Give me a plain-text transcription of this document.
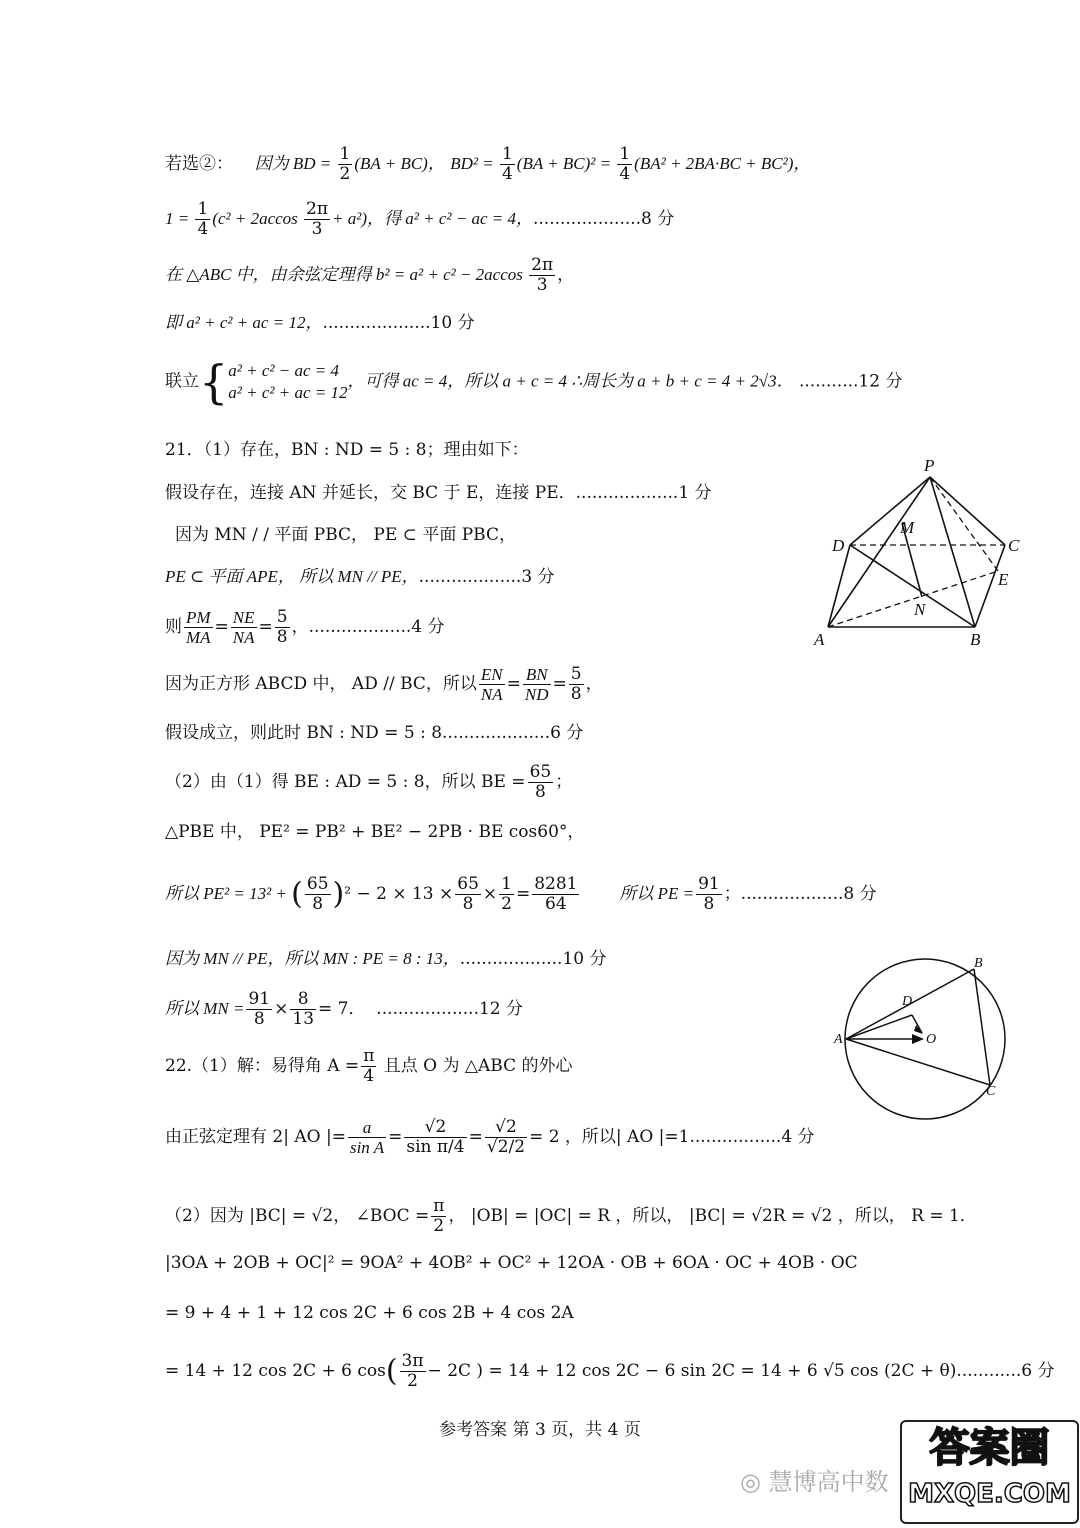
若选②： 因为 BD = $\frac{1}{2} (BA + BC)$， $BD^2 = \frac{1}{4} (BA + BC)^2 = \frac{1}{4} (BA^2 + 2BA\cdot BC + BC^2)$，
$1 = \frac{1}{4} (c^2 + 2accos \frac{2\pi}{3} + a^2)$，得 a² + c² − ac = 4，....................8 分
在 △ABC 中，由余弦定理得 $b^2 = a^2 + c^2 - 2accos \frac{2\pi}{3}$ ，
即 a² + c² + ac = 12，....................10 分
联立{a² + c² − ac = 4
a² + c² + ac = 12，可得 ac = 4，所以 a + c = 4 ∴周长为 a + b + c = 4 + 2√3． ...........12 分
21．（1）存在，BN : ND = 5 : 8；理由如下：
假设存在，连接 AN 并延长，交 BC 于 E，连接 PE．...................1 分
因为 MN / / 平面 PBC， PE ⊂ 平面 PBC，
PE ⊂ 平面 APE， 所以 MN // PE，...................3 分
则 $\frac{PM}{MA} = \frac{NE}{NA} = \frac{5}{8}$ ，...................4 分
因为正方形 ABCD 中， AD // BC，所以 $\frac{EN}{NA} = \frac{BN}{ND} = \frac{5}{8}$ ，
假设成立，则此时 BN : ND = 5 : 8....................6 分
（2）由（1）得 BE : AD = 5 : 8，所以 BE = $\frac{65}{8}$ ；
△PBE 中， PE² = PB² + BE² − 2PB · BE cos60°，
所以 PE² = 13² + ( $\frac{65}{8} )^2 - 2 \times 13 \times \frac{65}{8} \times \frac{1}{2} = \frac{8281}{64}$ 所以 PE = $\frac{91}{8}$ ；...................8 分
因为 MN // PE，所以 MN : PE = 8 : 13，...................10 分
所以 MN = $\frac{91}{8} \times \frac{8}{13} = 7$． ...................12 分
P
M
D	C
E
N
A	B
22.（1）解：易得角 $A = \frac{\pi}{4}$ 且点 O 为 △ABC 的外心
由正弦定理有 2| AO |= $\frac{a}{\text{sin A}} = \frac{√2}{\text{sin π/4}} = \frac{√2}{√2/2} = 2$ ，所以| AO |=1.................4 分
（2）因为 |BC| = √2， ∠BOC = $\frac{\pi}{2}$ ， |OB| = |OC| = R ，所以， |BC| = √2R = √2 ，所以， R = 1．
|3OA + 2OB + OC|² = 9OA² + 4OB² + OC² + 12OA · OB + 6OA · OC + 4OB · OC
= 9 + 4 + 1 + 12 cos 2C + 6 cos 2B + 4 cos 2A
= 14 + 12 cos 2C + 6 $\cos( \frac{3\pi}{2} - 2C$ ) = 14 + 12 cos 2C − 6 sin 2C = 14 + 6 √5 cos (2C + θ)............6 分
B
D
A	O
C
参考答案 第 3 页，共 4 页
◎ 慧博高中数
答案圈
MXQE.COM
